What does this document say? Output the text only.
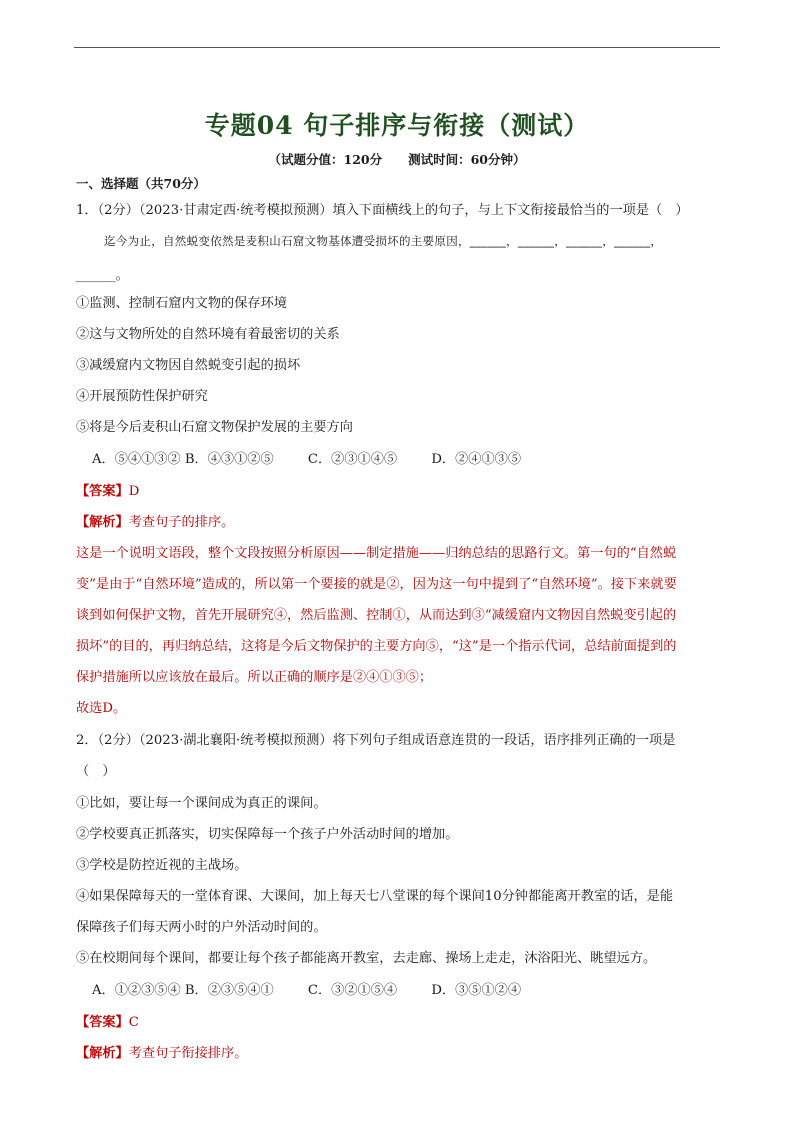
专题04 句子排序与衔接（测试）
（试题分值：120分 测试时间：60分钟）
一、选择题（共70分）
1．（2分）（2023·甘肃定西·统考模拟预测）填入下面横线上的句子，与上下文衔接最恰当的一项是（　）
迄今为止，自然蜕变依然是麦积山石窟文物基体遭受损坏的主要原因，______，______，______，______，
______。
①监测、控制石窟内文物的保存环境
②这与文物所处的自然环境有着最密切的关系
③减缓窟内文物因自然蜕变引起的损坏
④开展预防性保护研究
⑤将是今后麦积山石窟文物保护发展的主要方向
A．⑤④①③② B．④③①②⑤	C．②③①④⑤	D．②④①③⑤
【答案】D
【解析】考查句子的排序。
这是一个说明文语段，整个文段按照分析原因——制定措施——归纳总结的思路行文。第一句的“自然蜕
变”是由于“自然环境”造成的，所以第一个要接的就是②，因为这一句中提到了“自然环境”。接下来就要
谈到如何保护文物，首先开展研究④，然后监测、控制①，从而达到③“减缓窟内文物因自然蜕变引起的
损坏”的目的，再归纳总结，这将是今后文物保护的主要方向⑤，“这”是一个指示代词，总结前面提到的
保护措施所以应该放在最后。所以正确的顺序是②④①③⑤；
故选D。
2．（2分）（2023·湖北襄阳·统考模拟预测）将下列句子组成语意连贯的一段话，语序排列正确的一项是
（　）
①比如，要让每一个课间成为真正的课间。
②学校要真正抓落实，切实保障每一个孩子户外活动时间的增加。
③学校是防控近视的主战场。
④如果保障每天的一堂体育课、大课间，加上每天七八堂课的每个课间10分钟都能离开教室的话，是能
保障孩子们每天两小时的户外活动时间的。
⑤在校期间每个课间，都要让每个孩子都能离开教室，去走廊、操场上走走，沐浴阳光、眺望远方。
A．①②③⑤④ B．②③⑤④①	C．③②①⑤④	D．③⑤①②④
【答案】C
【解析】考查句子衔接排序。
